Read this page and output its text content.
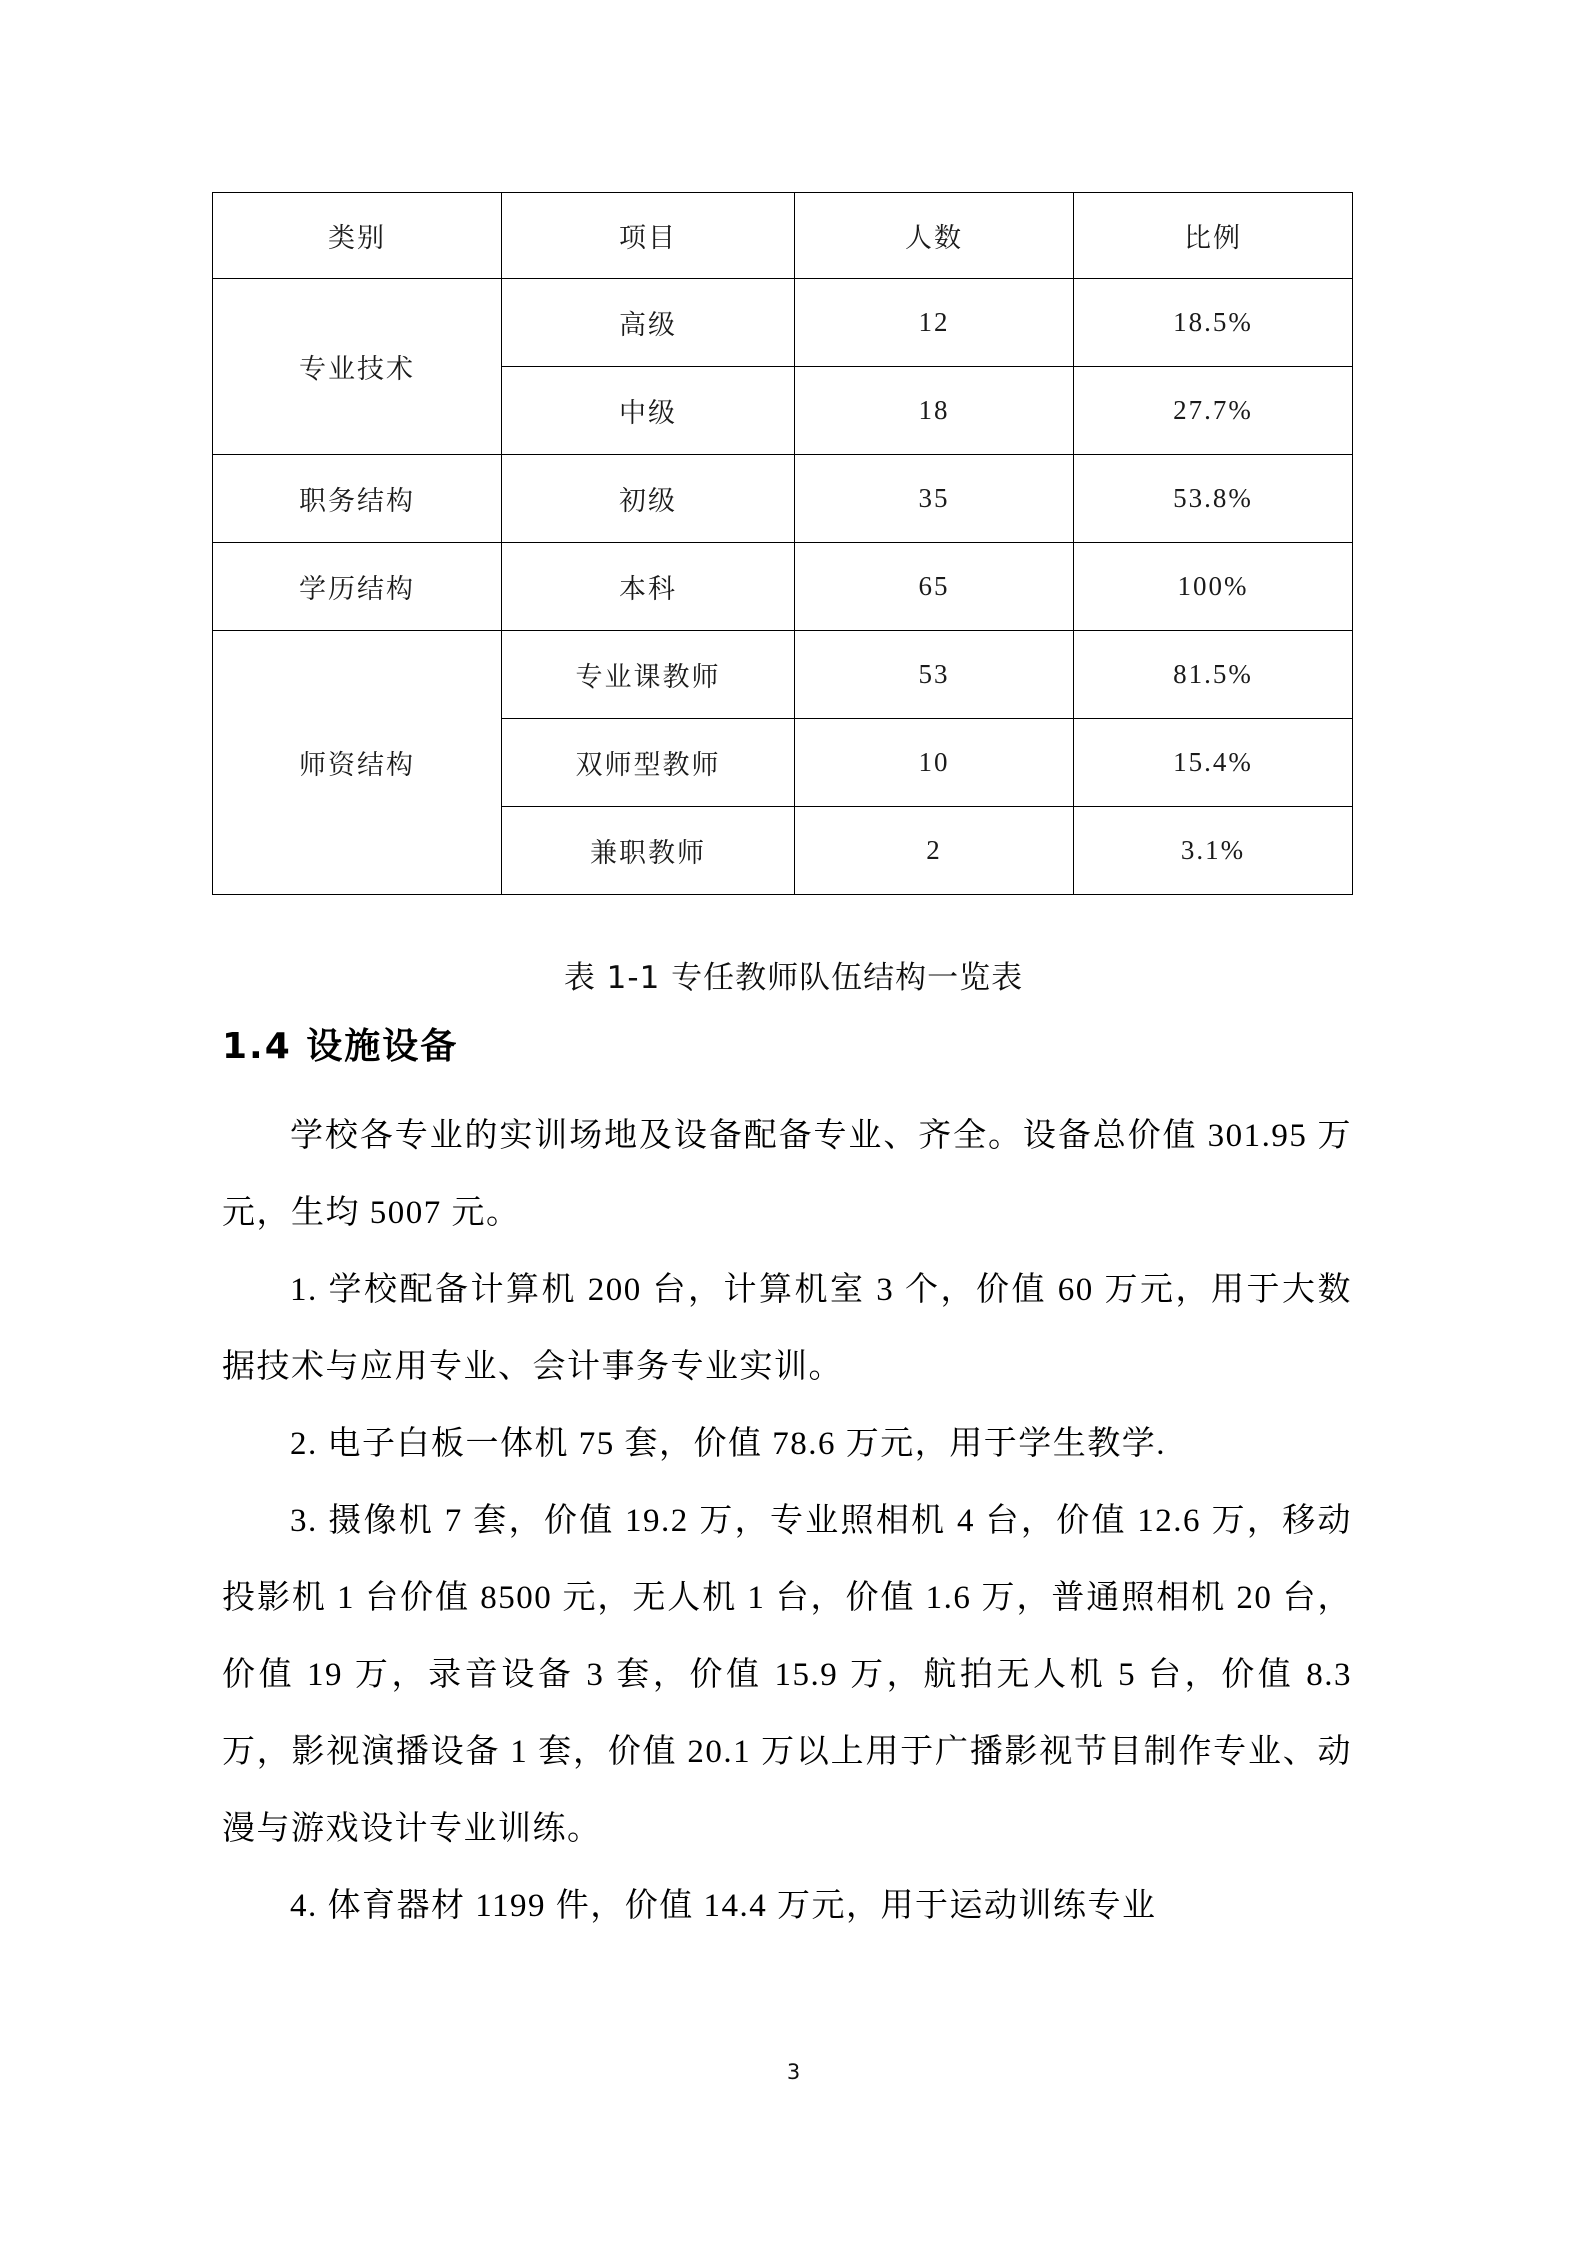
类别	项目	人数	比例
专业技术	高级	12	18.5%
	中级	18	27.7%
职务结构	初级	35	53.8%
学历结构	本科	65	100%
师资结构	专业课教师	53	81.5%
	双师型教师	10	15.4%
	兼职教师	2	3.1%
表 1-1 专任教师队伍结构一览表
1.4 设施设备

学校各专业的实训场地及设备配备专业、齐全。设备总价值 301.95 万元，生均 5007 元。

1. 学校配备计算机 200 台，计算机室 3 个，价值 60 万元，用于大数据技术与应用专业、会计事务专业实训。

2. 电子白板一体机 75 套，价值 78.6 万元，用于学生教学.

3. 摄像机 7 套，价值 19.2 万，专业照相机 4 台，价值 12.6 万，移动投影机 1 台价值 8500 元，无人机 1 台，价值 1.6 万，普通照相机 20 台，价值 19 万，录音设备 3 套，价值 15.9 万，航拍无人机 5 台，价值 8.3 万，影视演播设备 1 套，价值 20.1 万以上用于广播影视节目制作专业、动漫与游戏设计专业训练。

4. 体育器材 1199 件，价值 14.4 万元，用于运动训练专业

3
